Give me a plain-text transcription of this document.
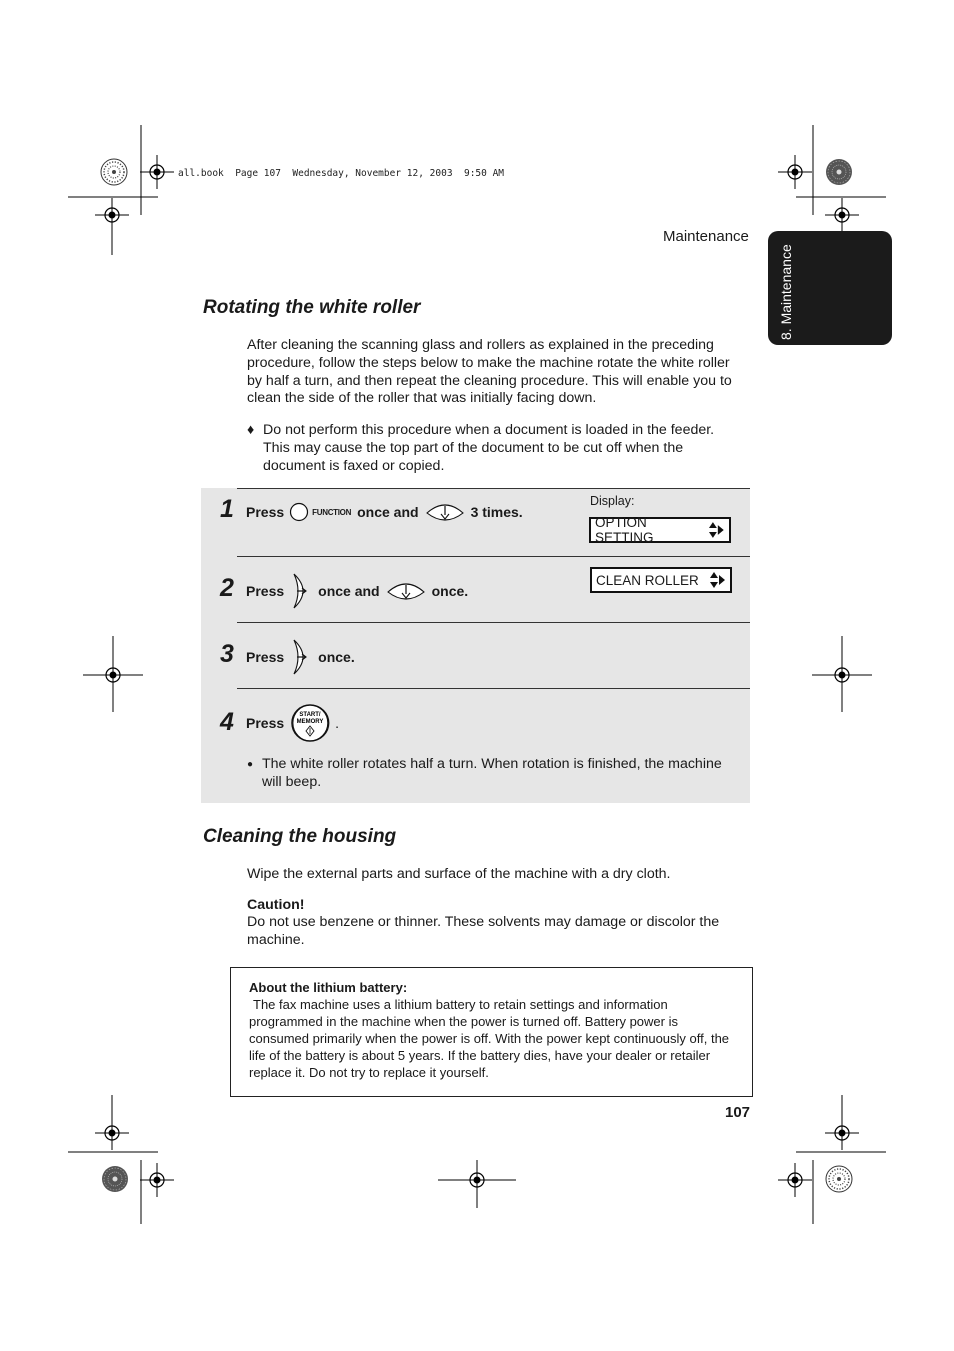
all.book  Page 107  Wednesday, November 12, 2003  9:50 AM
Maintenance
8. Maintenance
Rotating the white roller
After cleaning the scanning glass and rollers as explained in the preceding procedure, follow the steps below to make the machine rotate the white roller by half a turn, and then repeat the cleaning procedure. This will enable you to clean the side of the roller that was initially facing down.
♦ Do not perform this procedure when a document is loaded in the feeder. This may cause the top part of the document to be cut off when the document is faxed or copied.
1 Press	FUNCTION once and	3 times.
Display:
OPTION SETTING
2 Press once and	once.
CLEAN ROLLER
3 Press once.
4 Press	START/
MEMORY .
● The white roller rotates half a turn. When rotation is finished, the machine will beep.
Cleaning the housing
Wipe the external parts and surface of the machine with a dry cloth.
Caution!
Do not use benzene or thinner. These solvents may damage or discolor the machine.
About the lithium battery:
The fax machine uses a lithium battery to retain settings and information programmed in the machine when the power is turned off. Battery power is consumed primarily when the power is off. With the power kept continuously off, the life of the battery is about 5 years. If the battery dies, have your dealer or retailer replace it. Do not try to replace it yourself.
107
